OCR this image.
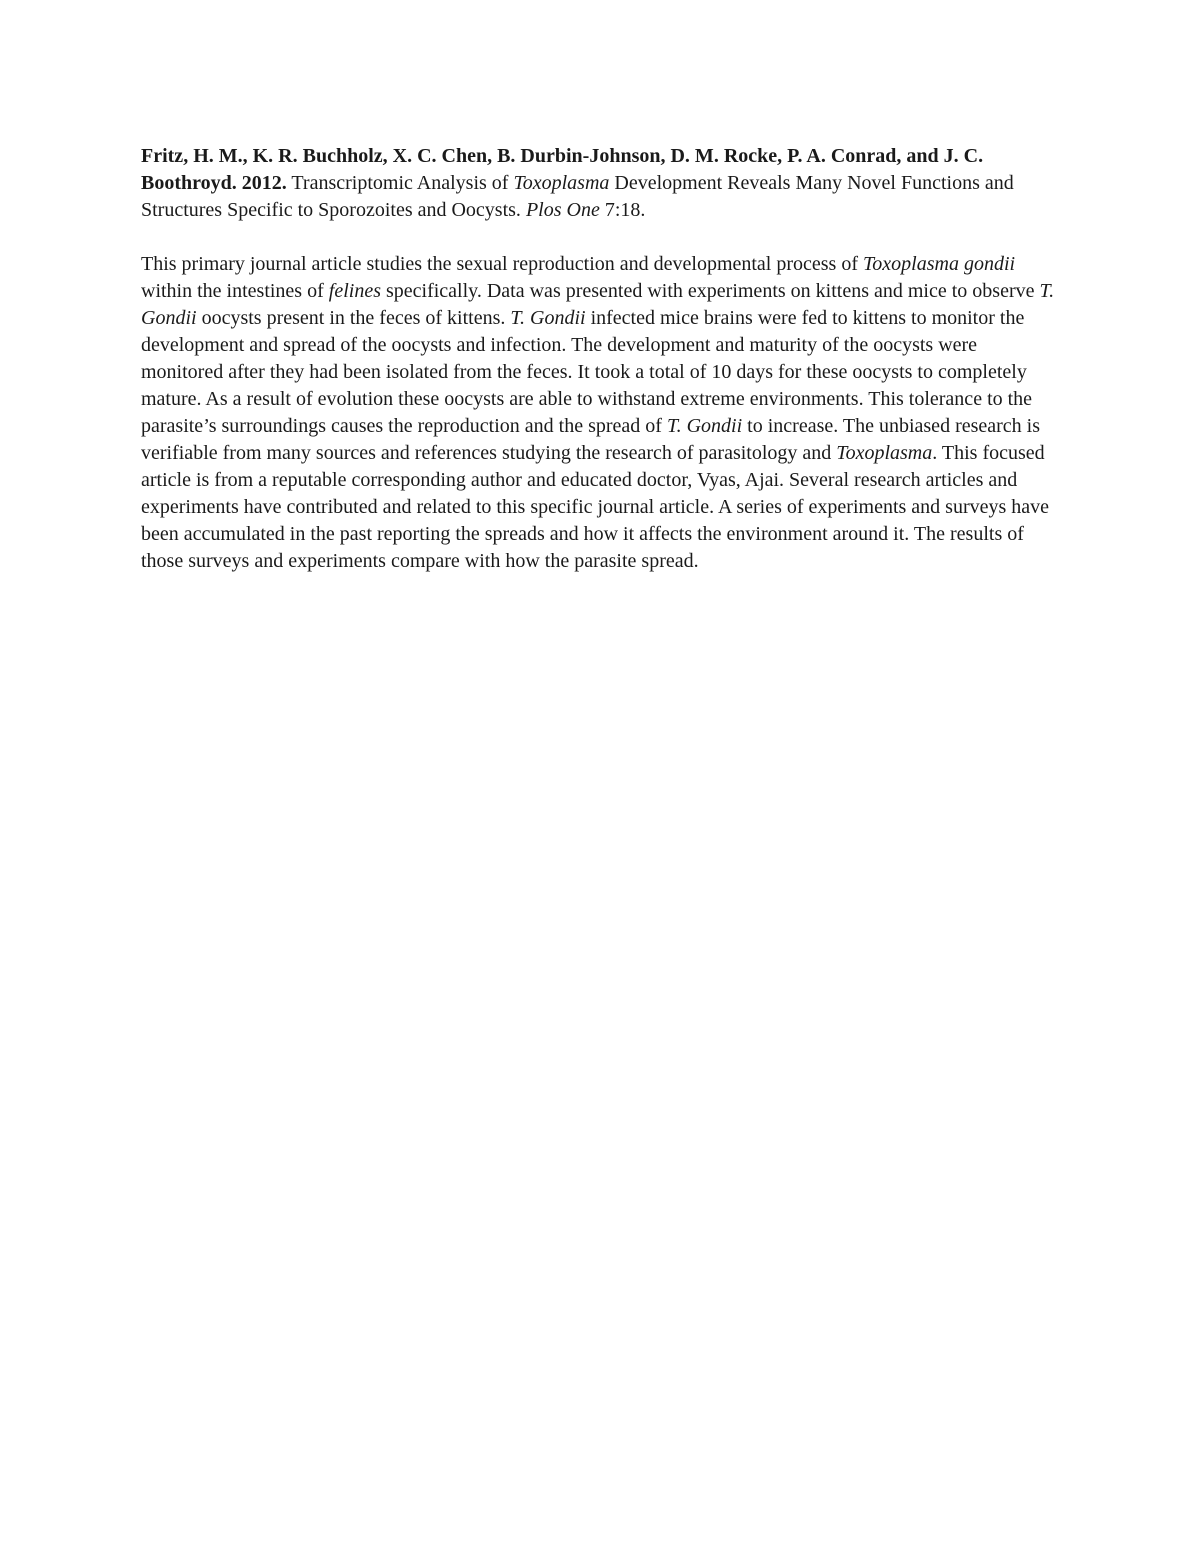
Fritz, H. M., K. R. Buchholz, X. C. Chen, B. Durbin-Johnson, D. M. Rocke, P. A. Conrad, and J. C. Boothroyd. 2012. Transcriptomic Analysis of Toxoplasma Development Reveals Many Novel Functions and Structures Specific to Sporozoites and Oocysts. Plos One 7:18.

This primary journal article studies the sexual reproduction and developmental process of Toxoplasma gondii within the intestines of felines specifically. Data was presented with experiments on kittens and mice to observe T. Gondii oocysts present in the feces of kittens. T. Gondii infected mice brains were fed to kittens to monitor the development and spread of the oocysts and infection. The development and maturity of the oocysts were monitored after they had been isolated from the feces. It took a total of 10 days for these oocysts to completely mature. As a result of evolution these oocysts are able to withstand extreme environments. This tolerance to the parasite’s surroundings causes the reproduction and the spread of T. Gondii to increase. The unbiased research is verifiable from many sources and references studying the research of parasitology and Toxoplasma. This focused article is from a reputable corresponding author and educated doctor, Vyas, Ajai. Several research articles and experiments have contributed and related to this specific journal article. A series of experiments and surveys have been accumulated in the past reporting the spreads and how it affects the environment around it. The results of those surveys and experiments compare with how the parasite spread.
